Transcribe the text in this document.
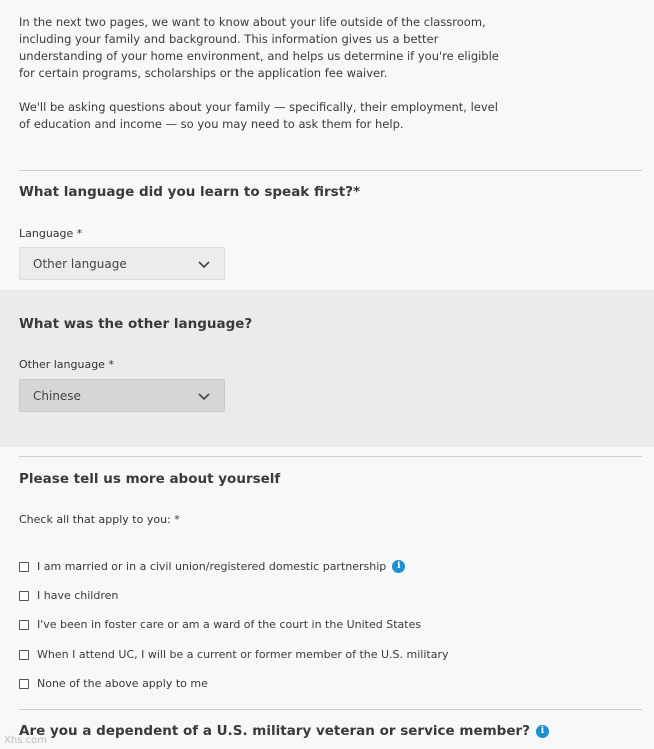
In the next two pages, we want to know about your life outside of the classroom, including your family and background. This information gives us a better understanding of your home environment, and helps us determine if you're eligible for certain programs, scholarships or the application fee waiver.

We'll be asking questions about your family — specifically, their employment, level of education and income — so you may need to ask them for help.

What language did you learn to speak first?*
Language *
Other language
What was the other language?
Other language *
Chinese
Please tell us more about yourself
Check all that apply to you: *
I am married or in a civil union/registered domestic partnership
i
I have children
I've been in foster care or am a ward of the court in the United States
When I attend UC, I will be a current or former member of the U.S. military
None of the above apply to me
Are you a dependent of a U.S. military veteran or service member?
i
Xhs.com
